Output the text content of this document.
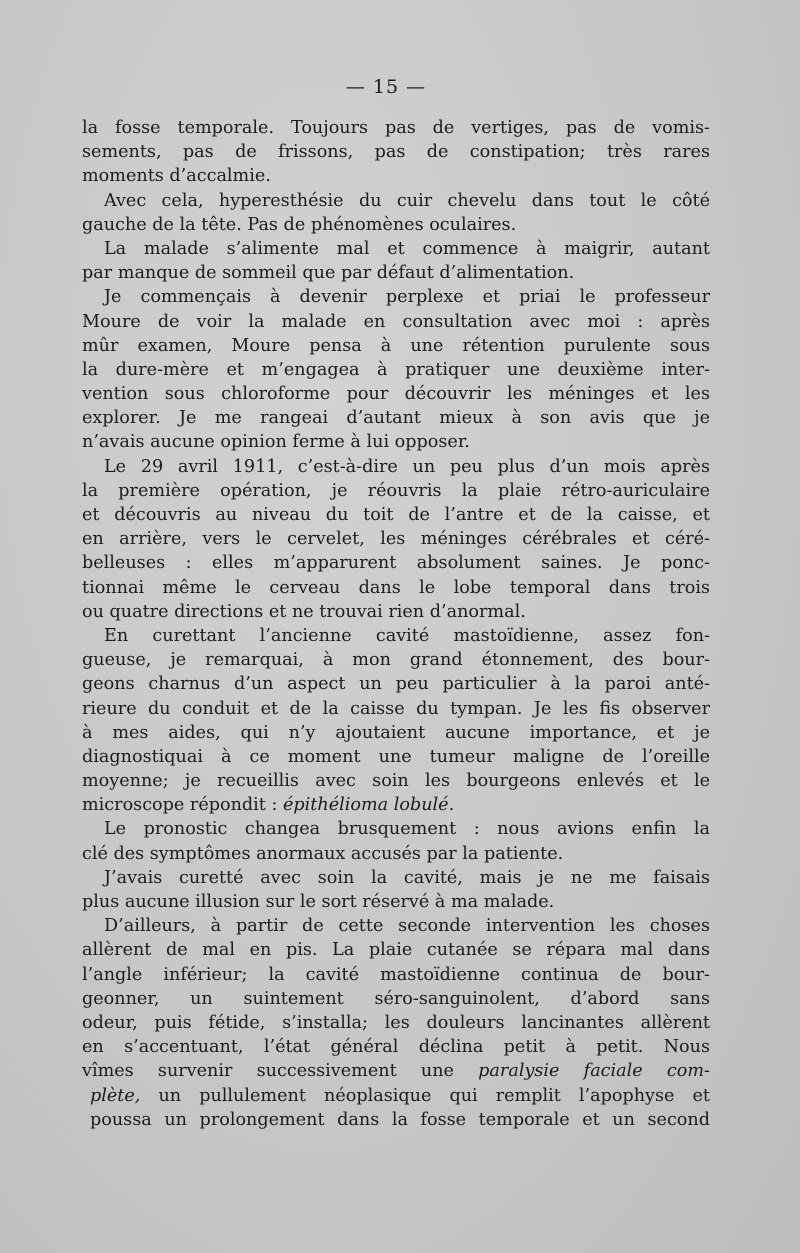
— 15 —
la fosse temporale. Toujours pas de vertiges, pas de vomis-
sements, pas de frissons, pas de constipation; très rares
moments d’accalmie.
Avec cela, hyperesthésie du cuir chevelu dans tout le côté
gauche de la tête. Pas de phénomènes oculaires.
La malade s’alimente mal et commence à maigrir, autant
par manque de sommeil que par défaut d’alimentation.
Je commençais à devenir perplexe et priai le professeur
Moure de voir la malade en consultation avec moi : après
mûr examen, Moure pensa à une rétention purulente sous
la dure-mère et m’engagea à pratiquer une deuxième inter-
vention sous chloroforme pour découvrir les méninges et les
explorer. Je me rangeai d’autant mieux à son avis que je
n’avais aucune opinion ferme à lui opposer.
Le 29 avril 1911, c’est-à-dire un peu plus d’un mois après
la première opération, je réouvris la plaie rétro-auriculaire
et découvris au niveau du toit de l’antre et de la caisse, et
en arrière, vers le cervelet, les méninges cérébrales et céré-
belleuses : elles m’apparurent absolument saines. Je ponc-
tionnai même le cerveau dans le lobe temporal dans trois
ou quatre directions et ne trouvai rien d’anormal.
En curettant l’ancienne cavité mastoïdienne, assez fon-
gueuse, je remarquai, à mon grand étonnement, des bour-
geons charnus d’un aspect un peu particulier à la paroi anté-
rieure du conduit et de la caisse du tympan. Je les fis observer
à mes aides, qui n’y ajoutaient aucune importance, et je
diagnostiquai à ce moment une tumeur maligne de l’oreille
moyenne; je recueillis avec soin les bourgeons enlevés et le
microscope répondit : épithélioma lobulé.
Le pronostic changea brusquement : nous avions enfin la
clé des symptômes anormaux accusés par la patiente.
J’avais curetté avec soin la cavité, mais je ne me faisais
plus aucune illusion sur le sort réservé à ma malade.
D’ailleurs, à partir de cette seconde intervention les choses
allèrent de mal en pis. La plaie cutanée se répara mal dans
l’angle inférieur; la cavité mastoïdienne continua de bour-
geonner, un suintement séro-sanguinolent, d’abord sans
odeur, puis fétide, s’installa; les douleurs lancinantes allèrent
en s’accentuant, l’état général déclina petit à petit. Nous
vîmes survenir successivement une paralysie faciale com-
plète, un pullulement néoplasique qui remplit l’apophyse et
poussa un prolongement dans la fosse temporale et un second
